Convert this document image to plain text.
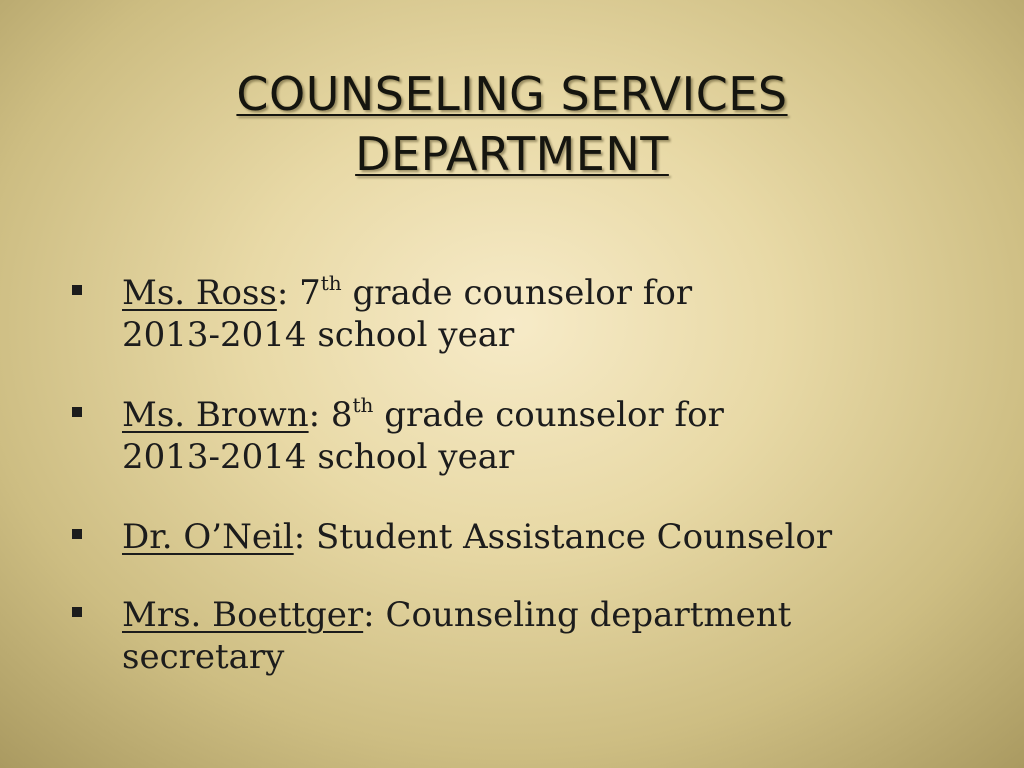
COUNSELING SERVICES
DEPARTMENT
Ms. Ross: 7th grade counselor for
2013-2014 school year
Ms. Brown: 8th grade counselor for
2013-2014 school year
Dr. O’Neil: Student Assistance Counselor
Mrs. Boettger: Counseling department
secretary
